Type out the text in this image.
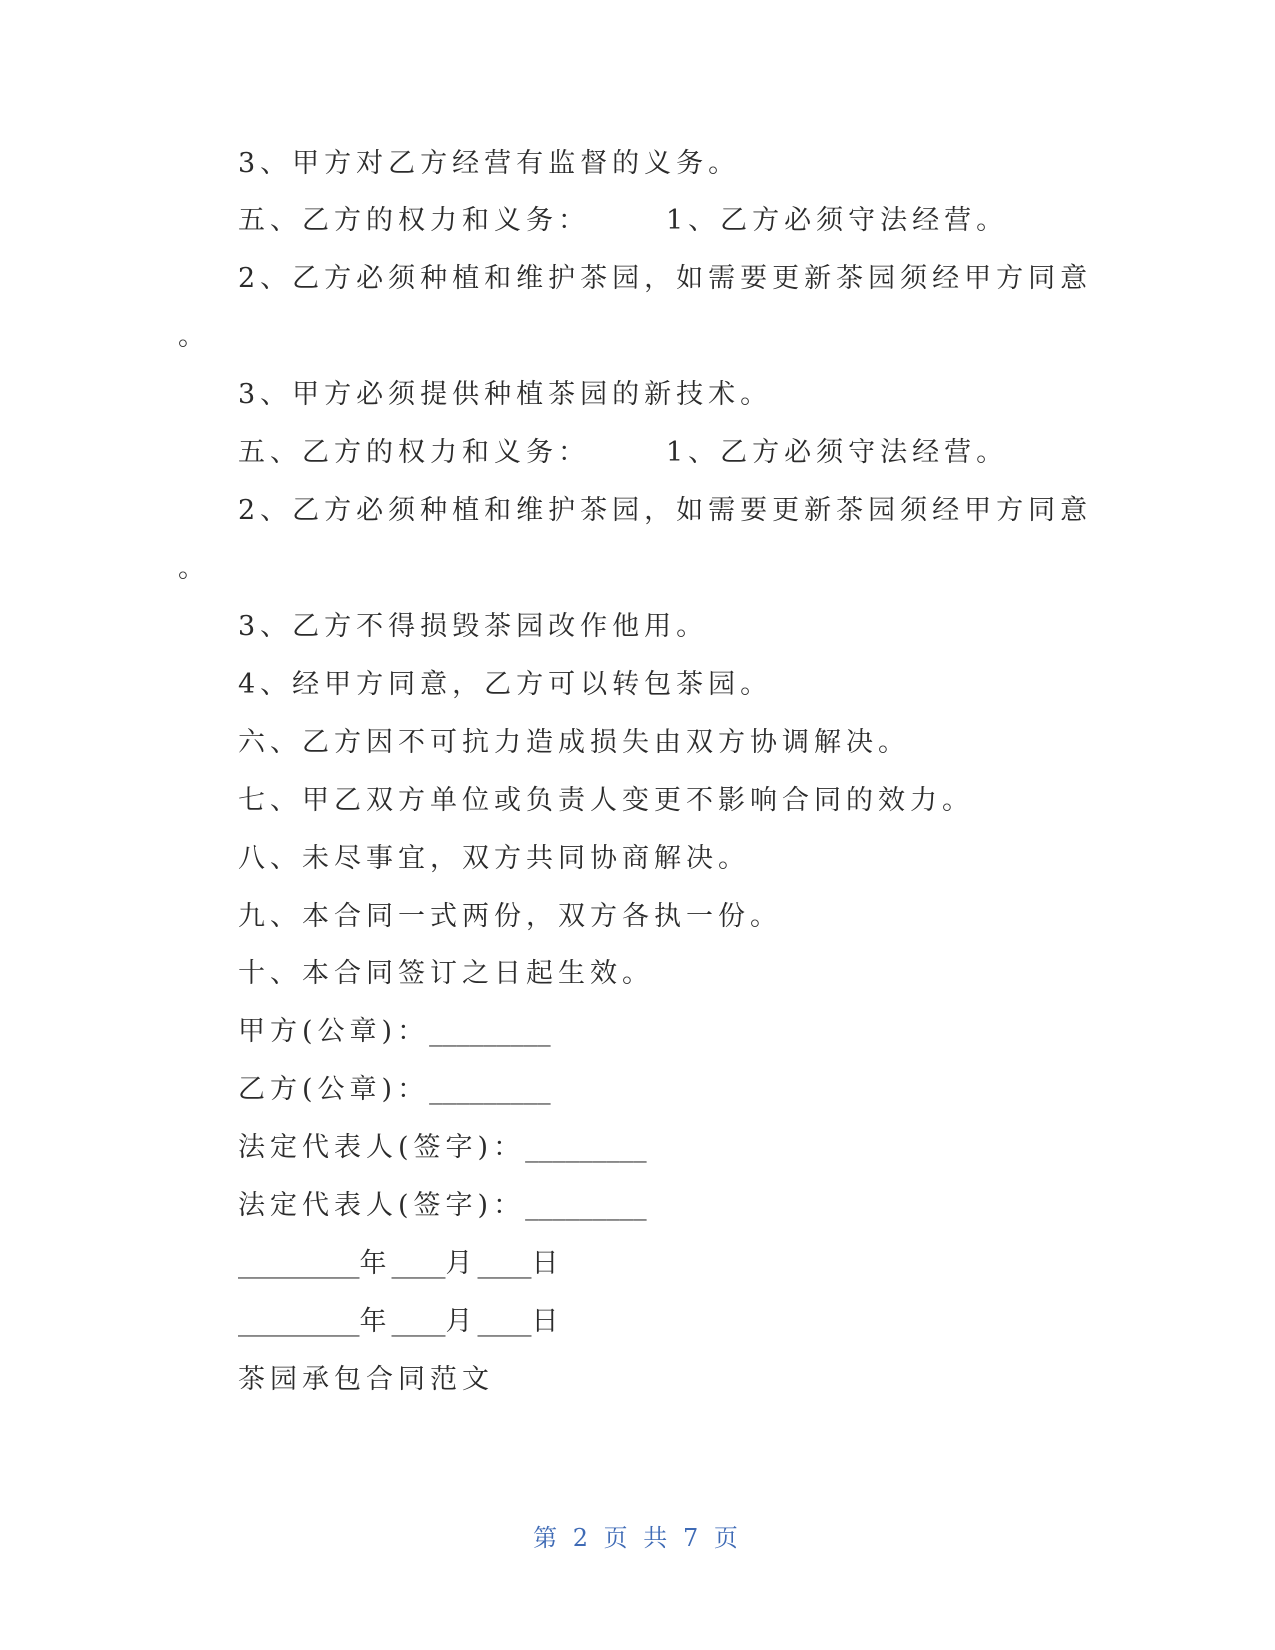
3、甲方对乙方经营有监督的义务。
五、乙方的权力和义务：	1、乙方必须守法经营。
2、乙方必须种植和维护茶园，如需要更新茶园须经甲方同意
。
3、甲方必须提供种植茶园的新技术。
五、乙方的权力和义务：	1、乙方必须守法经营。
2、乙方必须种植和维护茶园，如需要更新茶园须经甲方同意
。
3、乙方不得损毁茶园改作他用。
4、经甲方同意，乙方可以转包茶园。
六、乙方因不可抗力造成损失由双方协调解决。
七、甲乙双方单位或负责人变更不影响合同的效力。
八、未尽事宜，双方共同协商解决。
九、本合同一式两份，双方各执一份。
十、本合同签订之日起生效。
甲方(公章)：_________
乙方(公章)：_________
法定代表人(签字)：_________
法定代表人(签字)：_________
_________年____月____日
_________年____月____日
茶园承包合同范文
第 2 页 共 7 页
